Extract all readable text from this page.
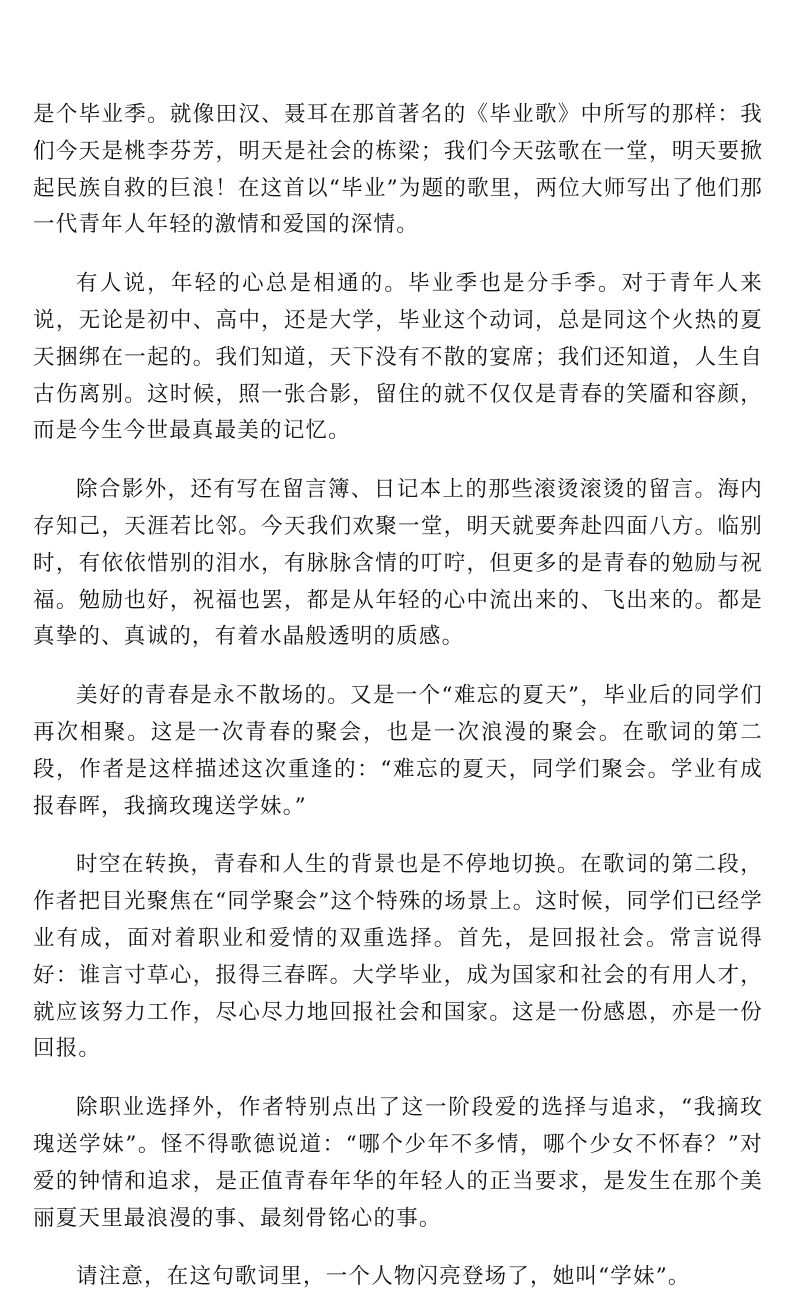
是个毕业季。就像田汉、聂耳在那首著名的《毕业歌》中所写的那样：我们今天是桃李芬芳，明天是社会的栋梁；我们今天弦歌在一堂，明天要掀起民族自救的巨浪！在这首以“毕业”为题的歌里，两位大师写出了他们那一代青年人年轻的激情和爱国的深情。

有人说，年轻的心总是相通的。毕业季也是分手季。对于青年人来说，无论是初中、高中，还是大学，毕业这个动词，总是同这个火热的夏天捆绑在一起的。我们知道，天下没有不散的宴席；我们还知道，人生自古伤离别。这时候，照一张合影，留住的就不仅仅是青春的笑靥和容颜，而是今生今世最真最美的记忆。

除合影外，还有写在留言簿、日记本上的那些滚烫滚烫的留言。海内存知己，天涯若比邻。今天我们欢聚一堂，明天就要奔赴四面八方。临别时，有依依惜别的泪水，有脉脉含情的叮咛，但更多的是青春的勉励与祝福。勉励也好，祝福也罢，都是从年轻的心中流出来的、飞出来的。都是真挚的、真诚的，有着水晶般透明的质感。

美好的青春是永不散场的。又是一个“难忘的夏天”，毕业后的同学们再次相聚。这是一次青春的聚会，也是一次浪漫的聚会。在歌词的第二段，作者是这样描述这次重逢的：“难忘的夏天，同学们聚会。学业有成报春晖，我摘玫瑰送学妹。”

时空在转换，青春和人生的背景也是不停地切换。在歌词的第二段，作者把目光聚焦在“同学聚会”这个特殊的场景上。这时候，同学们已经学业有成，面对着职业和爱情的双重选择。首先，是回报社会。常言说得好：谁言寸草心，报得三春晖。大学毕业，成为国家和社会的有用人才，就应该努力工作，尽心尽力地回报社会和国家。这是一份感恩，亦是一份回报。

除职业选择外，作者特别点出了这一阶段爱的选择与追求，“我摘玫瑰送学妹”。怪不得歌德说道：“哪个少年不多情，哪个少女不怀春？”对爱的钟情和追求，是正值青春年华的年轻人的正当要求，是发生在那个美丽夏天里最浪漫的事、最刻骨铭心的事。

请注意，在这句歌词里，一个人物闪亮登场了，她叫“学妹”。
